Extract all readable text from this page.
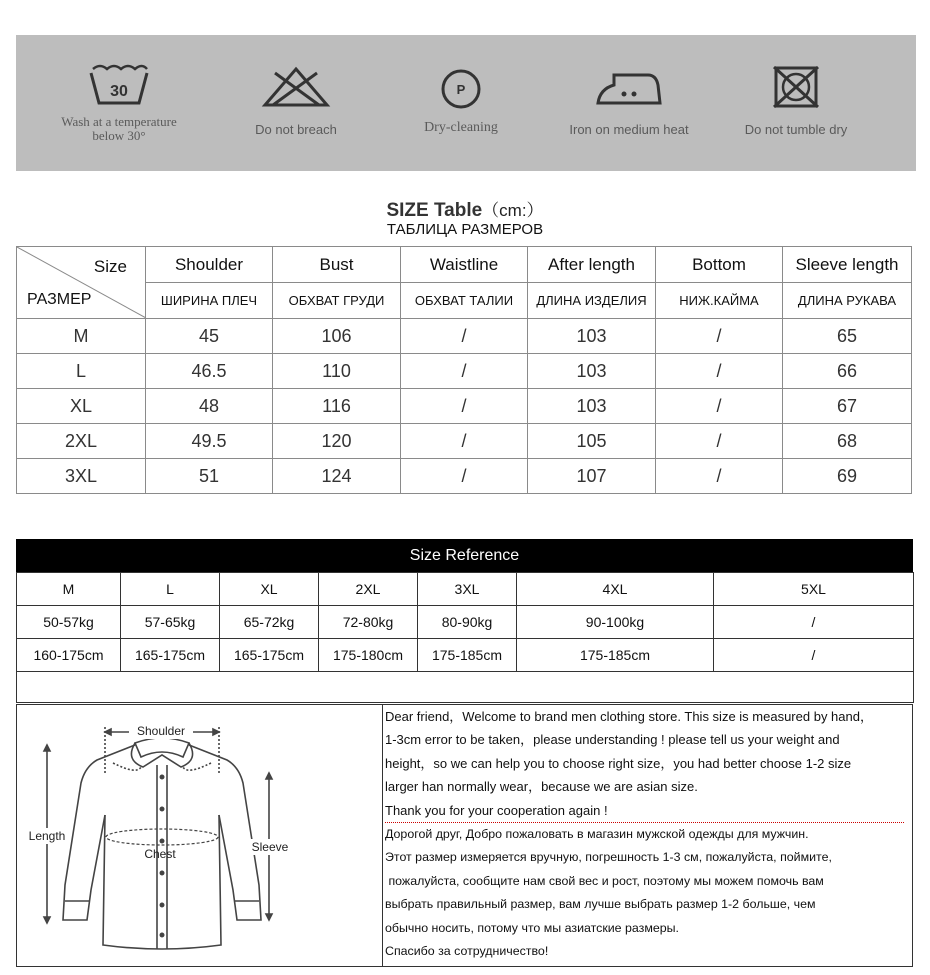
30
Wash at a temperature
below 30°	Do not breach
P
Dry-cleaning	Iron on medium heat	Do not tumble dry
SIZE Table（cm:）
ТАБЛИЦА РАЗМЕРОВ
Size
РАЗМЕР	Shoulder	Bust	Waistline	After length	Bottom	Sleeve length
	ШИРИНА ПЛЕЧ	ОБХВАТ ГРУДИ	ОБХВАТ ТАЛИИ	ДЛИНА ИЗДЕЛИЯ	НИЖ.КАЙМА	ДЛИНА РУКАВА
M	45	106	/	103	/	65
L	46.5	110	/	103	/	66
XL	48	116	/	103	/	67
2XL	49.5	120	/	105	/	68
3XL	51	124	/	107	/	69
Size Reference
M	L	XL	2XL	3XL	4XL	5XL
50-57kg	57-65kg	65-72kg	72-80kg	80-90kg	90-100kg	/
160-175cm	165-175cm	165-175cm	175-180cm	175-185cm	175-185cm	/

Shoulder
Length
Chest	Sleeve

Dear friend，Welcome to brand men clothing store. This size is measured by hand，

1-3cm error to be taken，please understanding ! please tell us your weight and

height，so we can help you to choose right size，you had better choose 1-2 size

larger han normally wear，because we are asian size.

Thank you for your cooperation again !

Дорогой друг, Добро пожаловать в магазин мужской одежды для мужчин.

Этот размер измеряется вручную, погрешность 1-3 см, пожалуйста, поймите,

пожалуйста, сообщите нам свой вес и рост, поэтому мы можем помочь вам

выбрать правильный размер, вам лучше выбрать размер 1-2 больше, чем

обычно носить, потому что мы азиатские размеры.

Спасибо за сотрудничество!
